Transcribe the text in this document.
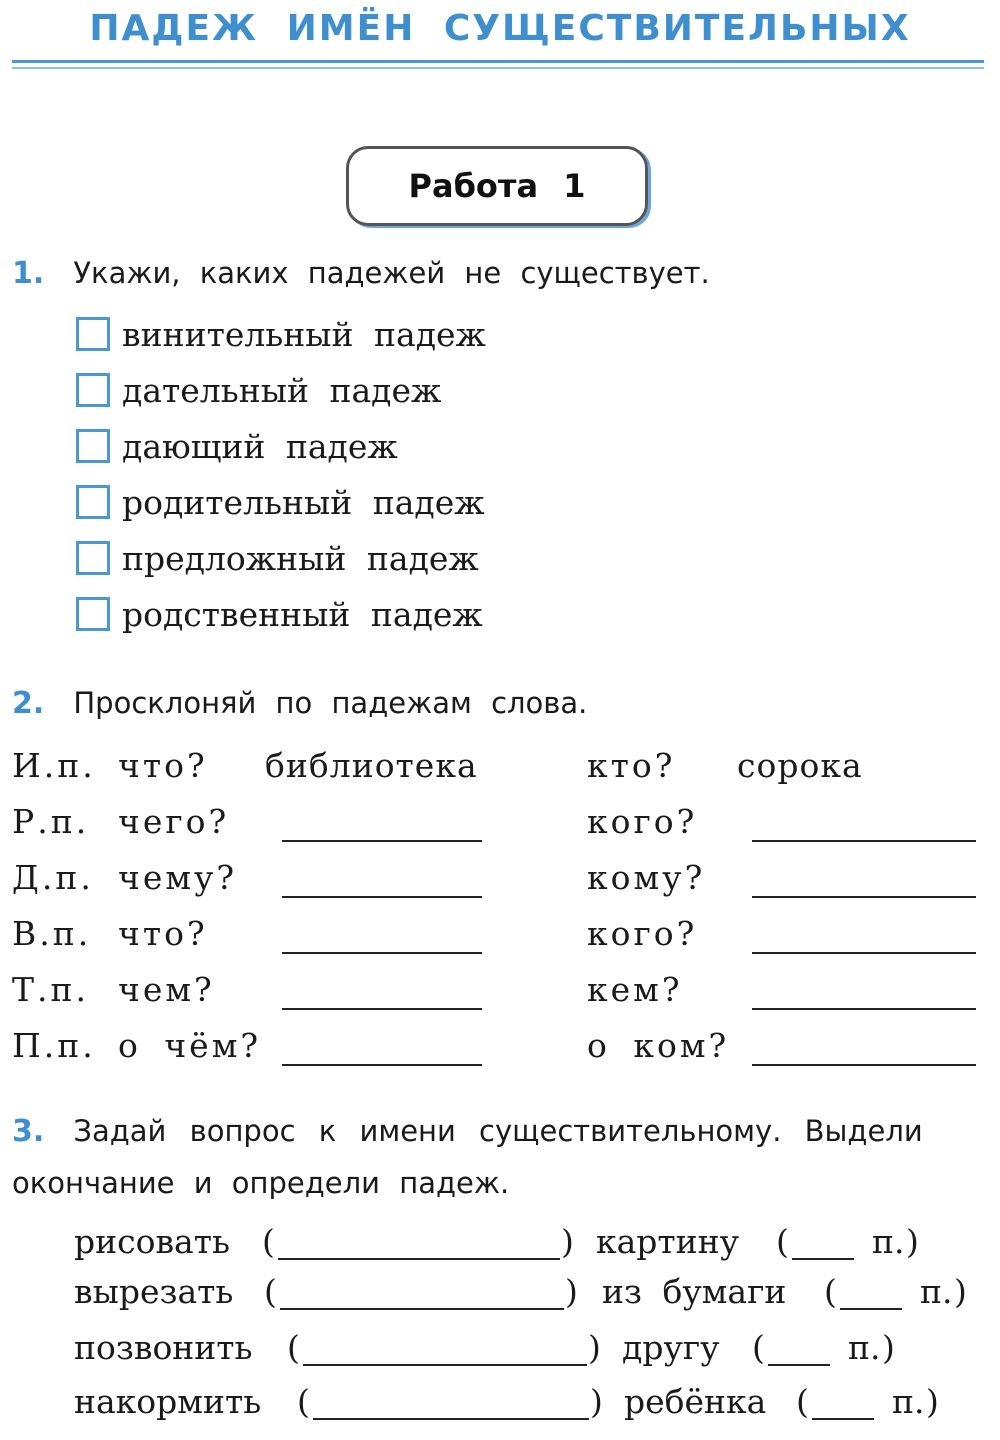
ПАДЕЖ ИМЁН СУЩЕСТВИТЕЛЬНЫХ
Работа 1
1. Укажи, каких падежей не существует.
винительный падеж
дательный падеж
дающий падеж
родительный падеж
предложный падеж
родственный падеж
2. Просклоняй по падежам слова.
И.п. что? библиотека	кто? сорока
Р.п. чего?	кого?
Д.п. чему?	кому?
В.п. что?	кого?
Т.п. чем?	кем?
П.п. о чём?	о ком?
3. Задай вопрос к имени существительному. Выдели
окончание и определи падеж.
рисовать (	) картину (	п. )
вырезать (	) из бумаги (	п. )
позвонить (	) другу (	п. )
накормить (	) ребёнка (	п. )
